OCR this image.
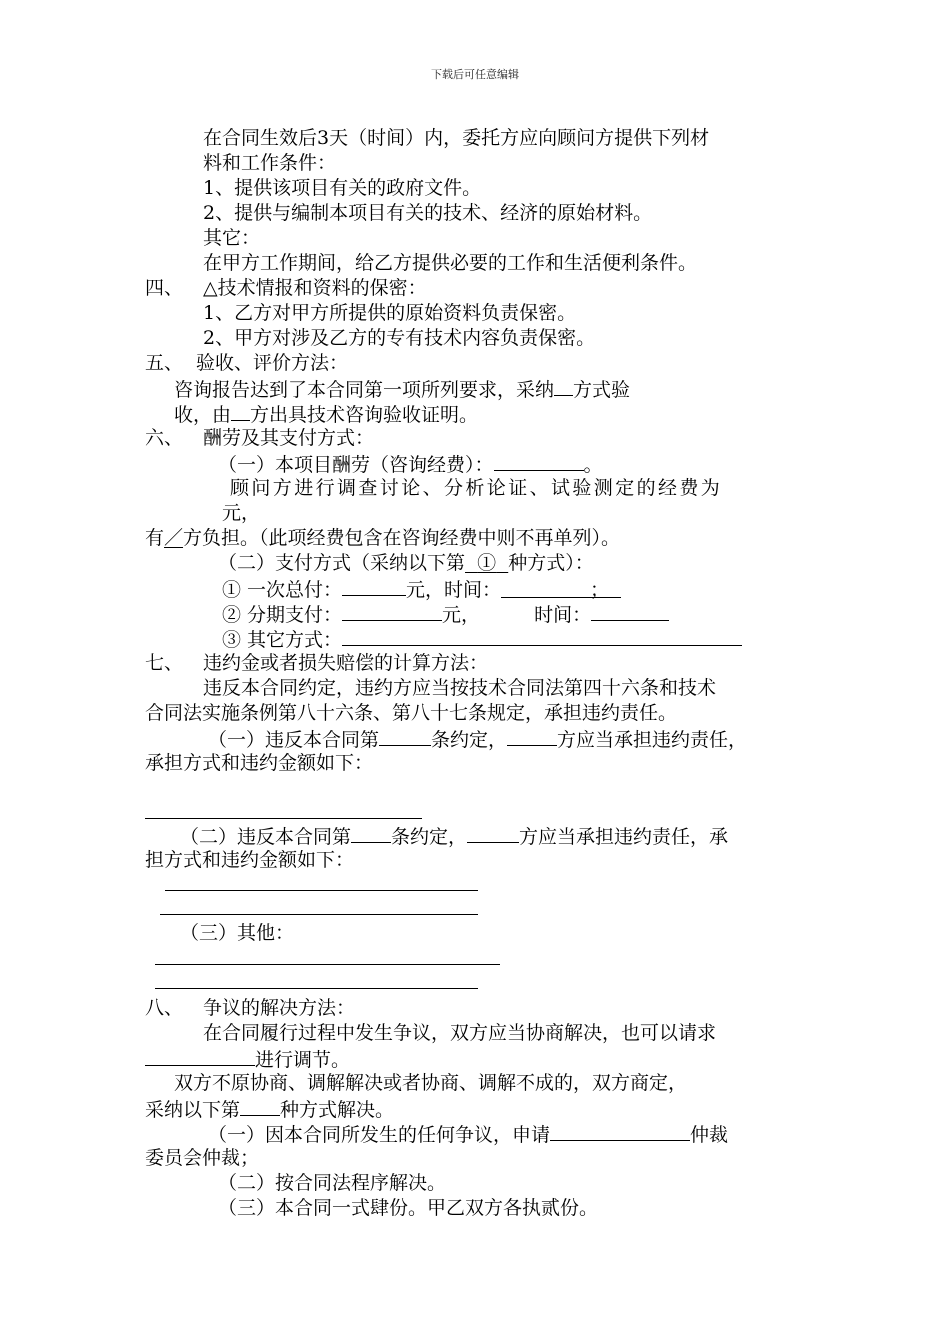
下载后可任意编辑
在合同生效后3天（时间）内，委托方应向顾问方提供下列材
料和工作条件：
1、提供该项目有关的政府文件。
2、提供与编制本项目有关的技术、经济的原始材料。
其它：
在甲方工作期间，给乙方提供必要的工作和生活便利条件。
四、 △技术情报和资料的保密：
1、乙方对甲方所提供的原始资料负责保密。
2、甲方对涉及乙方的专有技术内容负责保密。
五、 验收、评价方法：
咨询报告达到了本合同第一项所列要求，采纳 方式验
收，由 方出具技术咨询验收证明。
六、 酬劳及其支付方式：
（一）本项目酬劳（咨询经费）：	。
顾问方进行调查讨论、分析论证、试验测定的经费为
元，
有／方负担。（此项经费包含在咨询经费中则不再单列）。
（二）支付方式（采纳以下第 ① 种方式）：
① 一次总付：	元，时间：	；
② 分期支付：	元，	时间：
③ 其它方式：
七、 违约金或者损失赔偿的计算方法：
违反本合同约定，违约方应当按技术合同法第四十六条和技术
合同法实施条例第八十六条、第八十七条规定，承担违约责任。
（一）违反本合同第	条约定，	方应当承担违约责任，
承担方式和违约金额如下：
（二）违反本合同第 条约定，	方应当承担违约责任，承
担方式和违约金额如下：
（三）其他：
八、 争议的解决方法：
在合同履行过程中发生争议，双方应当协商解决，也可以请求
进行调节。
双方不原协商、调解解决或者协商、调解不成的，双方商定，
采纳以下第 种方式解决。
（一）因本合同所发生的任何争议，申请	仲裁
委员会仲裁；
（二）按合同法程序解决。
（三）本合同一式肆份。甲乙双方各执贰份。
